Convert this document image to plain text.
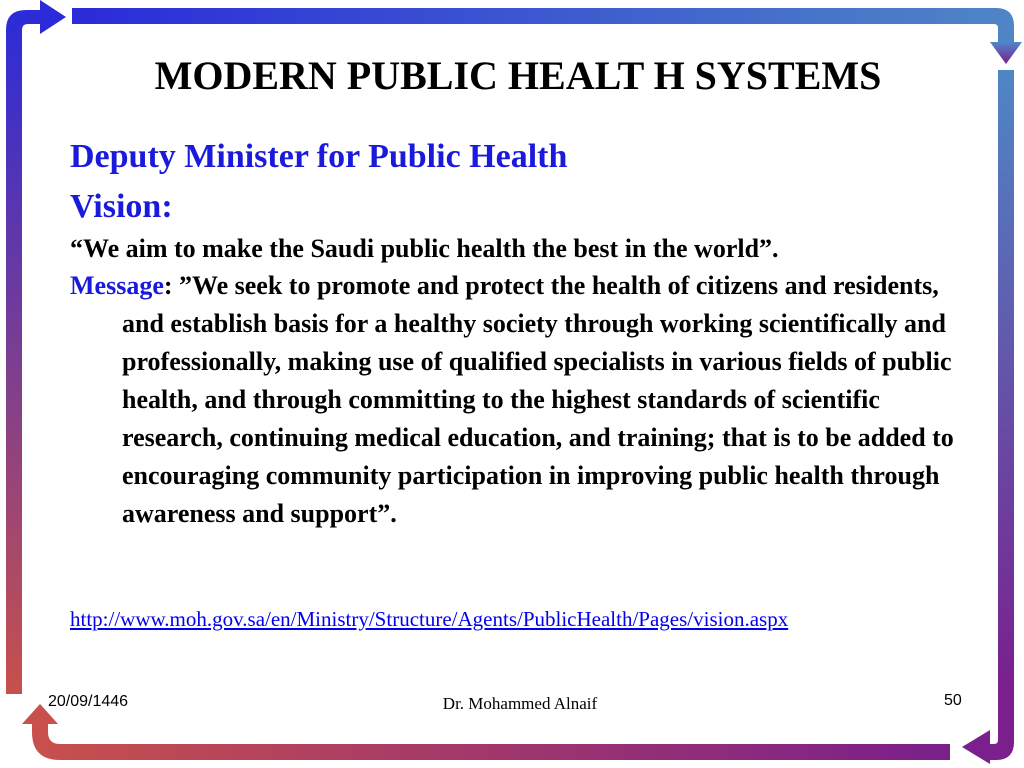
MODERN PUBLIC HEALT H SYSTEMS
Deputy Minister for Public Health
Vision:

“We aim to make the Saudi public health the best in the world”.

Message: ”We seek to promote and protect the health of citizens and residents, and establish basis for a healthy society through working scientifically and professionally, making use of qualified specialists in various fields of public health, and through committing to the highest standards of scientific research, continuing medical education, and training; that is to be added to encouraging community participation in improving public health through awareness and support”.

http://www.moh.gov.sa/en/Ministry/Structure/Agents/PublicHealth/Pages/vision.aspx
20/09/1446	Dr. Mohammed Alnaif	50
